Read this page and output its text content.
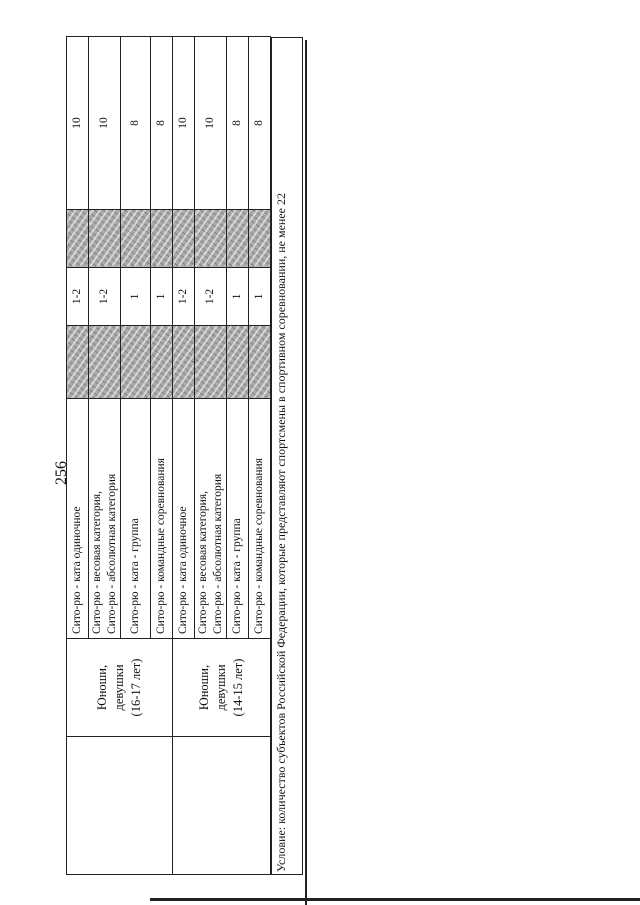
256

	Юноши, девушки (16-17 лет)	Сито-рю - ката одиночное		1-2		10

		Сито-рю - весовая категория, Сито-рю - абсолютная категория		1-2		10
		Сито-рю - ката - группа		1		8
		Сито-рю - командные соревнования		1		8

	Юноши, девушки (14-15 лет)	Сито-рю - ката одиночное		1-2		10

		Сито-рю - весовая категория, Сито-рю - абсолютная категория		1-2		10
		Сито-рю - ката - группа		1		8
		Сито-рю - командные соревнования		1		8
Условие: количество субъектов Российской Федерации, которые представляют спортсмены в спортивном соревновании, не менее 22
